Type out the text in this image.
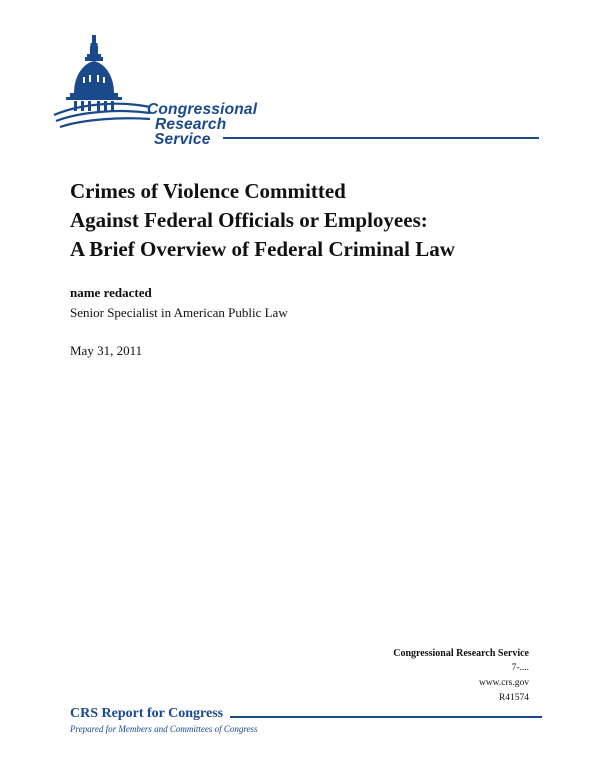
Congressional
Research
Service
Crimes of Violence Committed
Against Federal Officials or Employees:
A Brief Overview of Federal Criminal Law

name redacted

Senior Specialist in American Public Law

May 31, 2011

Congressional Research Service
7-....
www.crs.gov
R41574
CRS Report for Congress
Prepared for Members and Committees of Congress
